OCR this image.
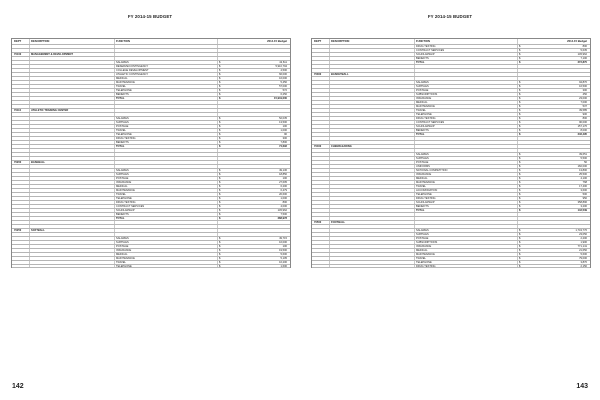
FY 2014-15 BUDGET
DEPT	DESCRIPTION	FUNCTION	2014-15 Budget
70100	MANAGEMENT & DEVELOPMENT
SALARIES	$	42,611
RESERVE/CONTINGENCY	$	5,910,794
COLLEGE DEVELOPMENT	$	4,500
ATHLETIC CONTINGENCY	$	66,000
MEDICAL	$	16,000
MAINTENANCE	$	5,450
TRAVEL	$	57,000
TELEPHONE	$	572
BENEFITS	$	6,250
TOTAL	$	15,919,000
70110	ATHLETIC TRAINING CENTER
SALARIES	$	52,035
SUPPLIES	$	13,500
POSTAGE	$	100
TRAVEL	$	1,000
TELEPHONE	$	90
DRUG TESTING	$	300
BENEFITS	$	7,800
TOTAL	$	74,692
70200	BASEBALL
SALARIES	$	49,136
SUPPLIES	$	18,850
POSTAGE	$	100
INSURANCE	$	27,605
MEDICAL	$	6,200
MAINTENANCE	$	6,479
TRAVEL	$	20,600
TELEPHONE	$	1,000
DRUG TESTING	$	800
CONTRACT SERVICES	$	4,000
SCHOLARSHIP	$	145,962
BENEFITS	$	7,500
TOTAL	$	288,978
70250	SOFTBALL
SALARIES	$	49,715
SUPPLIES	$	16,000
POSTAGE	$	100
INSURANCE	$	19,500
MEDICAL	$	5,600
MAINTENANCE	$	5,105
TRAVEL	$	16,200
TELEPHONE	$	1,600
142
FY 2014-15 BUDGET
DEPT	DESCRIPTION	FUNCTION	2014-15 Budget
DRUG TESTING	$	800
CONTRACT SERVICES	$	5,635
SCHOLARSHIP	$	145,962
BENEFITS	$	7,100
TOTAL	$	272,870
70300	BASKETBALL
SALARIES	$	94,870
SUPPLIES	$	16,500
POSTAGE	$	300
SUBSCRIPTIONS	$	450
INSURANCE	$	23,000
MEDICAL	$	7,000
MAINTENANCE	$	537
TRAVEL	$	39,585
TELEPHONE	$	900
DRUG TESTING	$	800
CONTRACT SERVICES	$	90,000
SCHOLARSHIP	$	157,176
BENEFITS	$	8,000
TOTAL	$	246,495
70400	CHEERLEADING
SALARIES	$	39,651
SUPPLIES	$	5,500
POSTAGE	$	50
UNIFORMS	$	160,000
NATIONAL COMPETITION	$	13,800
INSURANCE	$	25,500
MEDICAL	$	4,100
MAINTENANCE	$	768
TRAVEL	$	17,400
ACCOMODATION	$	3,600
TELEPHONE	$	500
DRUG TESTING	$	950
SCHOLARSHIP	$	358,896
BENEFITS	$	3,200
TOTAL	$	142,539
70500	FOOTBALL
SALARIES	$	1,743,776
SUPPLIES	$	23,050
POSTAGE	$	2,200
SUBSCRIPTIONS	$	1,900
INSURANCE	$	771,141
MEDICAL	$	21,650
MAINTENANCE	$	5,600
TRAVEL	$	79,000
TELEPHONE	$	3,870
DRUG TESTING	$	2,150
143
